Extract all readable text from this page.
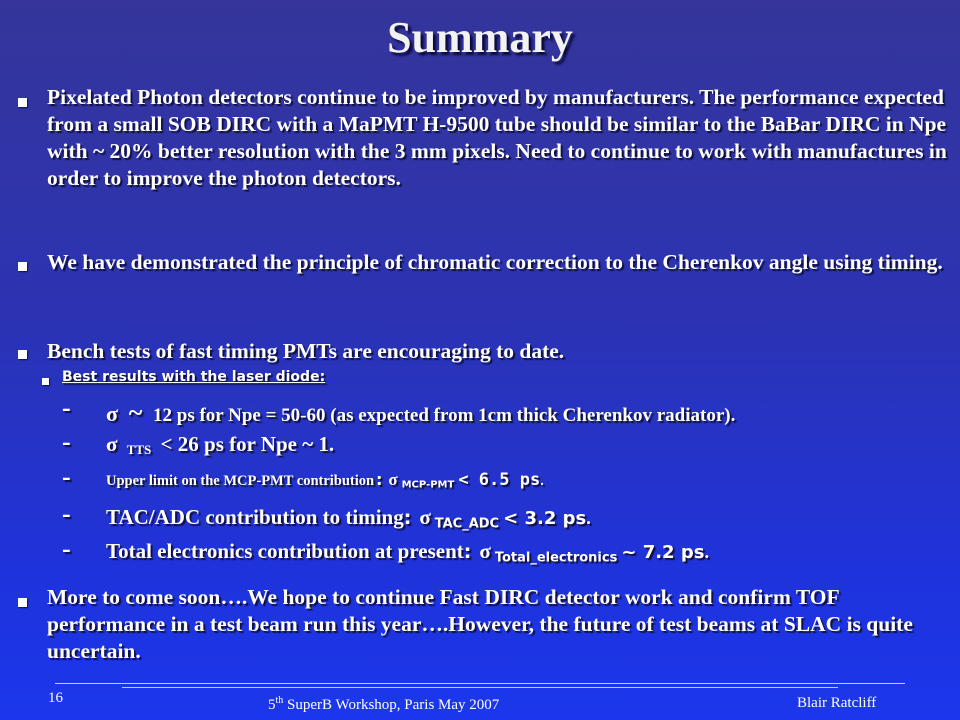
Summary
Pixelated Photon detectors continue to be improved by manufacturers. The performance expected from a small SOB DIRC with a MaPMT H-9500 tube should be similar to the BaBar DIRC in Npe with ~ 20% better resolution with the 3 mm pixels. Need to continue to work with manufactures in order to improve the photon detectors.
We have demonstrated the principle of chromatic correction to the Cherenkov angle using timing.
Bench tests of fast timing PMTs are encouraging to date.
Best results with the laser diode:
- σ ~ 12 ps for Npe = 50-60 (as expected from 1cm thick Cherenkov radiator).
- σ $_{TTS}$ < 26 ps for Npe ~ 1.
- Upper limit on the MCP-PMT contribution: σ $_{MCP-PMT}$ < 6.5 ps.
- TAC/ADC contribution to timing: σ $_{TAC\_ADC}$ < 3.2 ps.
- Total electronics contribution at present: σ $_{Total\_electronics}$ ~ 7.2 ps.
More to come soon….We hope to continue Fast DIRC detector work and confirm TOF performance in a test beam run this year….However, the future of test beams at SLAC is quite uncertain.
16	5th SuperB Workshop, Paris May 2007	Blair Ratcliff
